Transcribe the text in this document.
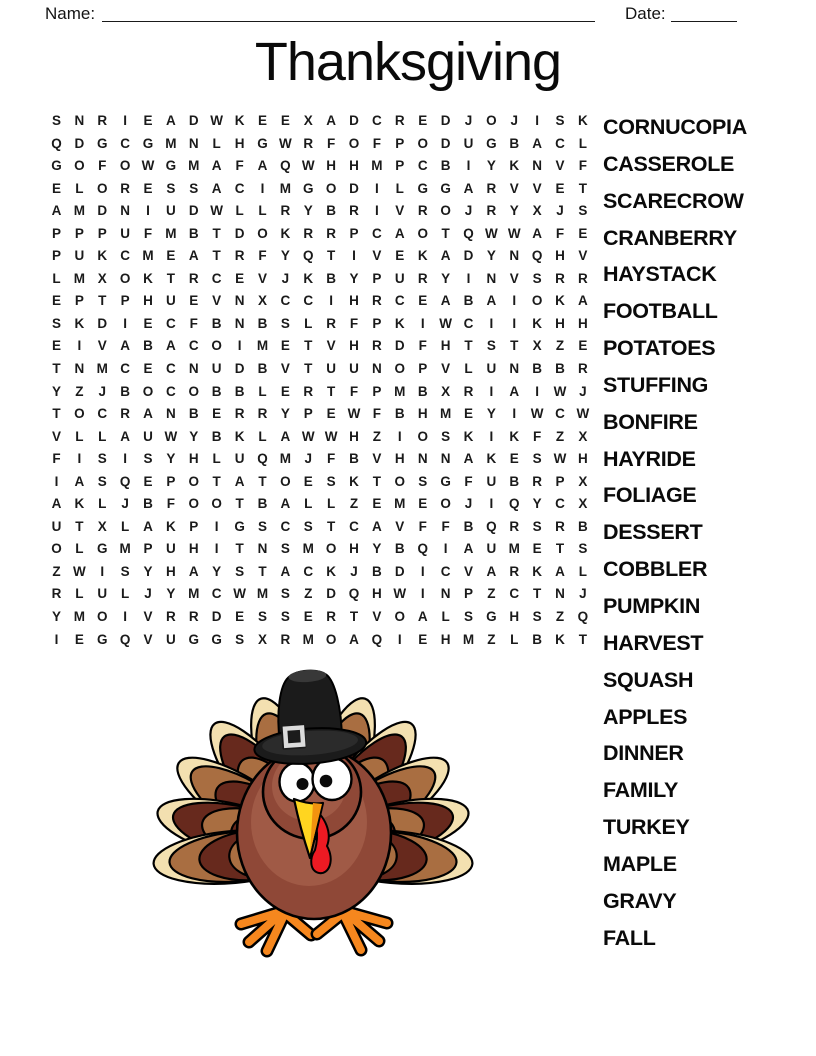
Name:	Date:
Thanksgiving
S	N R	I	E	A D W K	E	E	X	A D C R	E	D	J	O	J	I	S	K
Q D G C G M N	L	H G W R	F	O	F	P O D U G B A C	L
G O	F	O W G M A	F	A Q W H H M P	C B	I	Y	K N	V	F
E	L	O R	E	S	S	A C	I	M G O D	I	L	G G A R	V	V	E	T
A M D N	I	U D W L	L	R	Y	B R	I	V	R O	J	R	Y	X	J	S
P	P	P	U	F M B	T	D O K R R	P	C A O	T	Q W W A	F	E
P	U K C M E	A	T	R	F	Y Q	T	I	V	E	K A D	Y	N Q H	V
L M X O K	T	R C	E	V	J	K B	Y	P	U R	Y	I	N	V	S	R R
E	P	T	P	H U	E	V	N	X	C C	I	H R C	E	A B A	I	O K A
S	K D	I	E	C	F	B N B	S	L	R	F	P	K	I	W C	I	I	K H H
E	I	V	A B A C O	I	M E	T	V	H R D	F	H	T	S	T	X	Z	E
T	N M C	E	C N U D B	V	T	U U N O P	V	L	U N B B R
Y	Z	J	B O C O B B	L	E	R	T	F	P M B	X	R	I	A	I	W J
T	O C R A N B	E	R R	Y	P	E W F	B H M E	Y	I	W C W
V	L	L	A U W Y	B K	L	A W W H	Z	I	O S	K	I	K	F	Z	X
F	I	S	I	S	Y	H	L	U Q M	J	F	B	V	H N N A K	E	S W H
I	A	S Q E	P O	T	A	T	O E	S	K	T	O S G	F	U B R	P	X
A K	L	J	B	F	O O	T	B A	L	L	Z	E M E O	J	I	Q Y	C	X
U	T	X	L	A K	P	I	G S	C	S	T	C A	V	F	F	B Q R	S	R B
O	L	G M P	U H	I	T	N	S M O H	Y	B Q	I	A U M E	T	S
Z W	I	S	Y	H A	Y	S	T	A C K	J	B D	I	C	V	A R K A	L
R	L	U	L	J	Y M C W M S	Z	D Q H W	I	N	P	Z	C	T	N	J
Y M O	I	V	R R D	E	S	S	E	R	T	V O A	L	S G H	S	Z	Q
I	E G Q V	U G G S	X	R M O A Q	I	E	H M Z	L	B K	T
CORNUCOPIA
CASSEROLE
SCARECROW
CRANBERRY
HAYSTACK
FOOTBALL
POTATOES
STUFFING
BONFIRE
HAYRIDE
FOLIAGE
DESSERT
COBBLER
PUMPKIN
HARVEST
SQUASH
APPLES
DINNER
FAMILY
TURKEY
MAPLE
GRAVY
FALL
